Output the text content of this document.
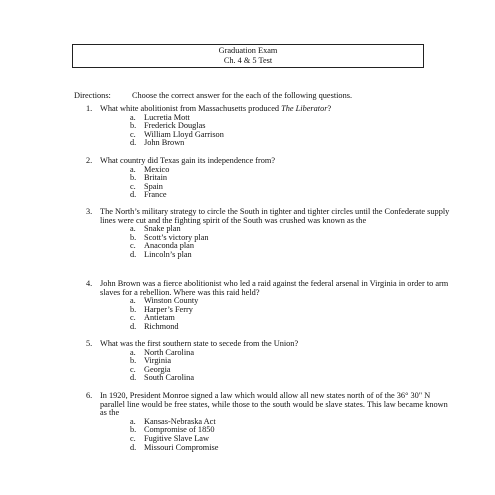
Graduation Exam
Ch. 4 & 5 Test
Directions:	Choose the correct answer for the each of the following questions.
1. What white abolitionist from Massachusetts produced The Liberator?
a. Lucretia Mott
b. Frederick Douglas
c. William Lloyd Garrison
d. John Brown
2. What country did Texas gain its independence from?
a. Mexico
b. Britain
c. Spain
d. France
3. The North’s military strategy to circle the South in tighter and tighter circles until the Confederate supply lines were cut and the fighting spirit of the South was crushed was known as the
a. Snake plan
b. Scott’s victory plan
c. Anaconda plan
d. Lincoln’s plan
4. John Brown was a fierce abolitionist who led a raid against the federal arsenal in Virginia in order to arm slaves for a rebellion. Where was this raid held?
a. Winston County
b. Harper’s Ferry
c. Antietam
d. Richmond
5. What was the first southern state to secede from the Union?
a. North Carolina
b. Virginia
c. Georgia
d. South Carolina
6. In 1920, President Monroe signed a law which would allow all new states north of of the 36° 30" N parallel line would be free states, while those to the south would be slave states. This law became known as the
a. Kansas-Nebraska Act
b. Compromise of 1850
c. Fugitive Slave Law
d. Missouri Compromise
